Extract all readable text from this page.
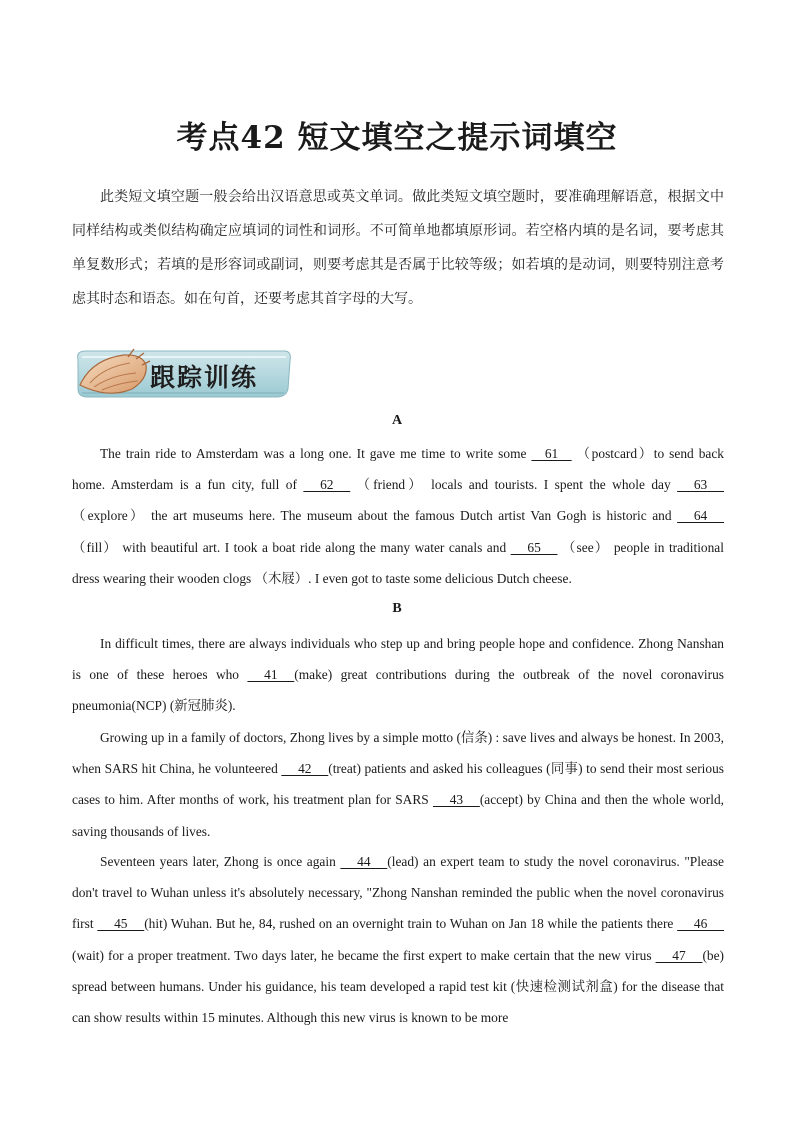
考点42 短文填空之提示词填空
此类短文填空题一般会给出汉语意思或英文单词。做此类短文填空题时，要准确理解语意，根据文中同样结构或类似结构确定应填词的词性和词形。不可简单地都填原形词。若空格内填的是名词，要考虑其单复数形式；若填的是形容词或副词，则要考虑其是否属于比较等级；如若填的是动词，则要特别注意考虑其时态和语态。如在句首，还要考虑其首字母的大写。
跟踪训练
A
The train ride to Amsterdam was a long one. It gave me time to write some     61     （postcard）to send back home. Amsterdam is a fun city, full of      62      （friend） locals and tourists. I spent the whole day      63      （explore） the art museums here. The museum about the famous Dutch artist Van Gogh is historic and      64      （fill） with beautiful art. I took a boat ride along the many water canals and      65      （see） people in traditional dress wearing their wooden clogs （木屐）. I even got to taste some delicious Dutch cheese.
B
In difficult times, there are always individuals who step up and bring people hope and confidence. Zhong Nanshan is one of these heroes who      41     (make) great contributions during the outbreak of the novel coronavirus pneumonia(NCP) (新冠肺炎).
Growing up in a family of doctors, Zhong lives by a simple motto (信条) : save lives and always be honest. In 2003, when SARS hit China, he volunteered      42     (treat) patients and asked his colleagues (同事) to send their most serious cases to him. After months of work, his treatment plan for SARS      43     (accept) by China and then the whole world, saving thousands of lives.
Seventeen years later, Zhong is once again      44     (lead) an expert team to study the novel coronavirus. "Please don't travel to Wuhan unless it's absolutely necessary, "Zhong Nanshan reminded the public when the novel coronavirus first      45     (hit) Wuhan. But he, 84, rushed on an overnight train to Wuhan on Jan 18 while the patients there      46     (wait) for a proper treatment. Two days later, he became the first expert to make certain that the new virus      47     (be) spread between humans. Under his guidance, his team developed a rapid test kit (快速检测试剂盒) for the disease that can show results within 15 minutes. Although this new virus is known to be more
